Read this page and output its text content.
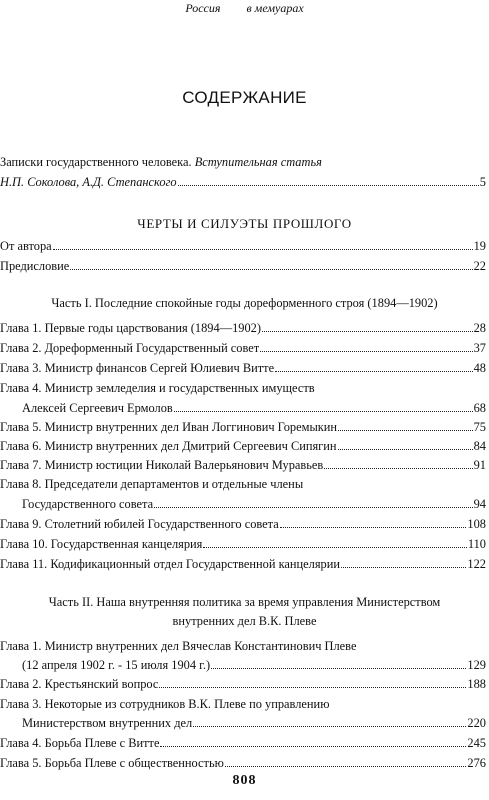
Россия в мемуарах
СОДЕРЖАНИЕ
Записки государственного человека. Вступительная статья
Н.П. Соколова, А.Д. Степанского	5
ЧЕРТЫ И СИЛУЭТЫ ПРОШЛОГО
От автора	19
Предисловие	22
Часть I. Последние спокойные годы дореформенного строя (1894—1902)
Глава 1. Первые годы царствования (1894—1902)	28
Глава 2. Дореформенный Государственный совет	37
Глава 3. Министр финансов Сергей Юлиевич Витте	48
Глава 4. Министр земледелия и государственных имуществ
Алексей Сергеевич Ермолов	68
Глава 5. Министр внутренних дел Иван Логгинович Горемыкин	75
Глава 6. Министр внутренних дел Дмитрий Сергеевич Сипягин	84
Глава 7. Министр юстиции Николай Валерьянович Муравьев	91
Глава 8. Председатели департаментов и отдельные члены
Государственного совета	94
Глава 9. Столетний юбилей Государственного совета	108
Глава 10. Государственная канцелярия	110
Глава 11. Кодификационный отдел Государственной канцелярии	122
Часть II. Наша внутренняя политика за время управления Министерством
внутренних дел В.К. Плеве
Глава 1. Министр внутренних дел Вячеслав Константинович Плеве
(12 апреля 1902 г. - 15 июля 1904 г.)	129
Глава 2. Крестьянский вопрос	188
Глава 3. Некоторые из сотрудников В.К. Плеве по управлению
Министерством внутренних дел	220
Глава 4. Борьба Плеве с Витте	245
Глава 5. Борьба Плеве с общественностью	276
808
